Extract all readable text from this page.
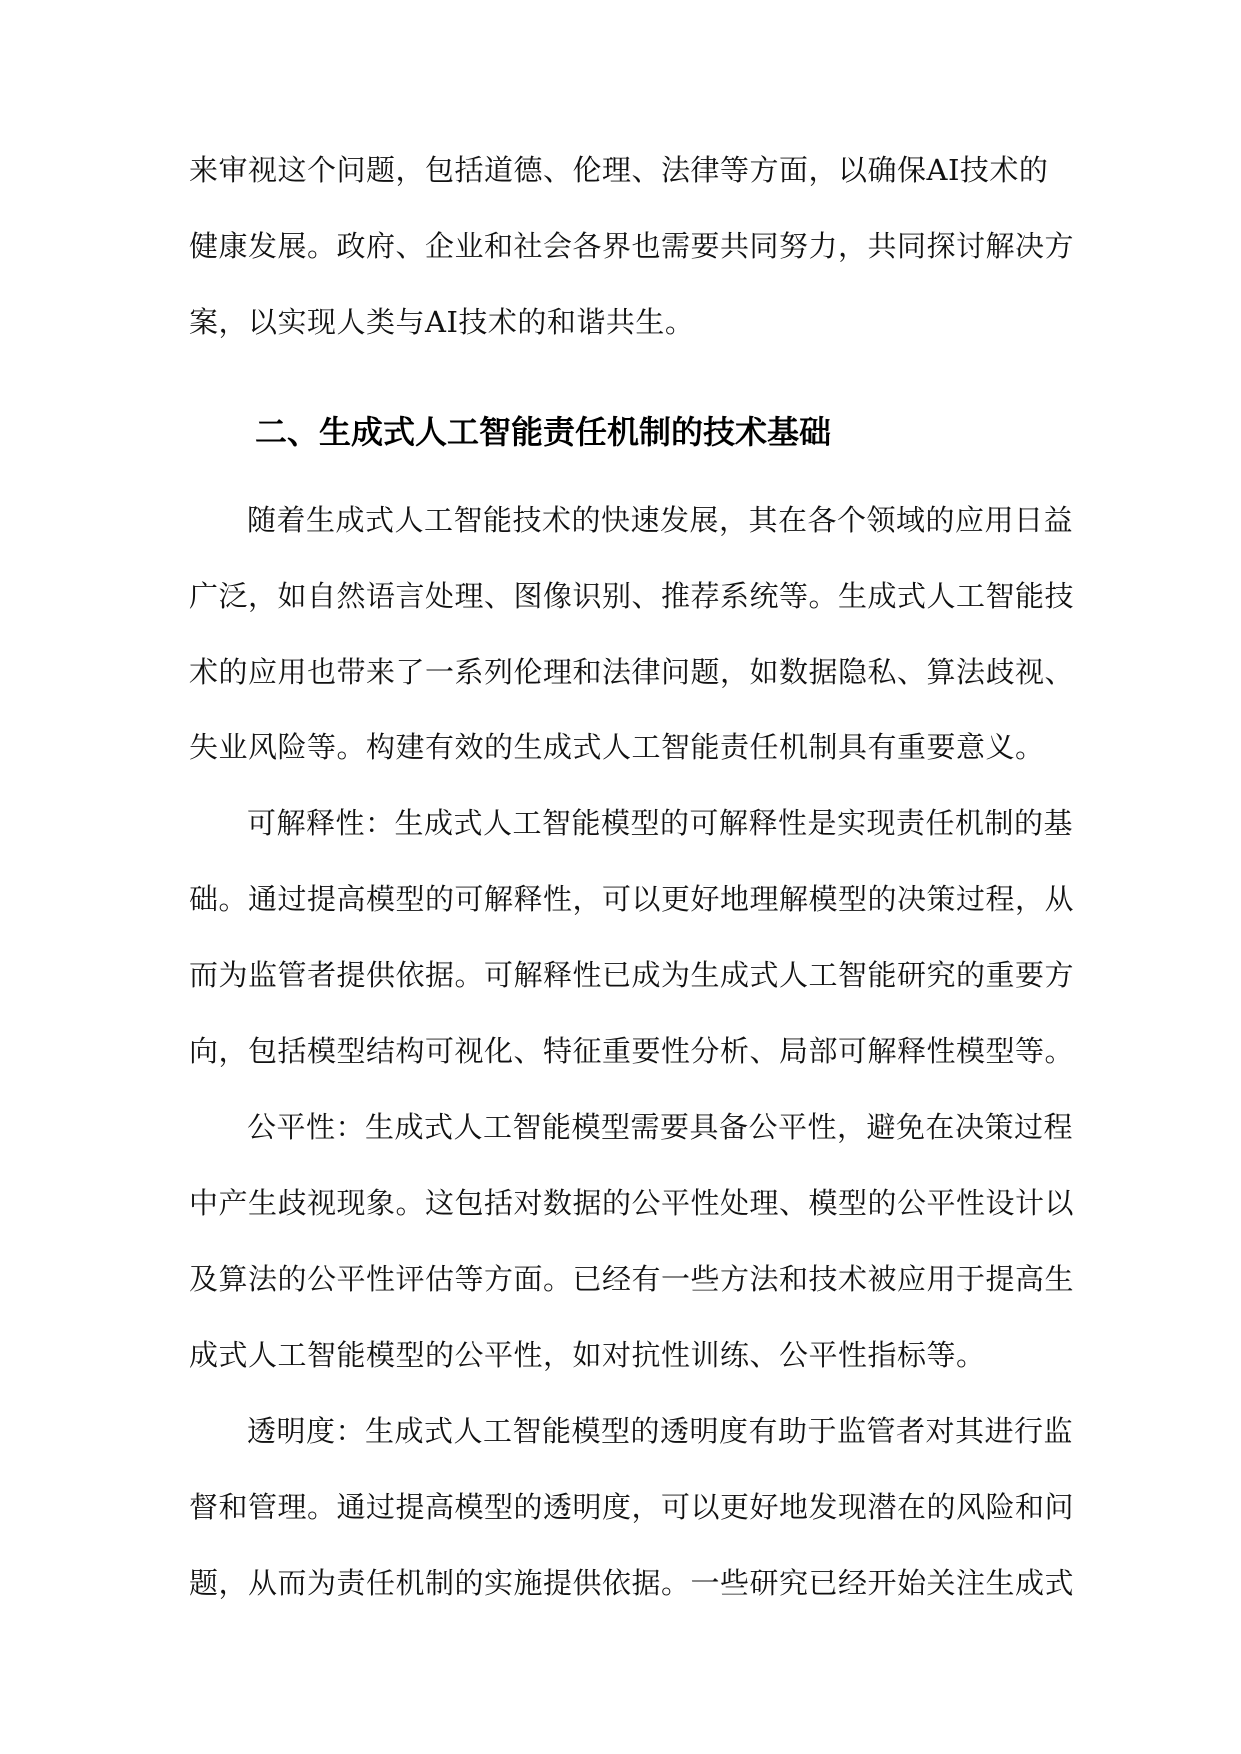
来审视这个问题，包括道德、伦理、法律等方面，以确保AI技术的
健康发展。政府、企业和社会各界也需要共同努力，共同探讨解决方
案，以实现人类与AI技术的和谐共生。
二、生成式人工智能责任机制的技术基础
随着生成式人工智能技术的快速发展，其在各个领域的应用日益
广泛，如自然语言处理、图像识别、推荐系统等。生成式人工智能技
术的应用也带来了一系列伦理和法律问题，如数据隐私、算法歧视、
失业风险等。构建有效的生成式人工智能责任机制具有重要意义。
可解释性：生成式人工智能模型的可解释性是实现责任机制的基
础。通过提高模型的可解释性，可以更好地理解模型的决策过程，从
而为监管者提供依据。可解释性已成为生成式人工智能研究的重要方
向，包括模型结构可视化、特征重要性分析、局部可解释性模型等。
公平性：生成式人工智能模型需要具备公平性，避免在决策过程
中产生歧视现象。这包括对数据的公平性处理、模型的公平性设计以
及算法的公平性评估等方面。已经有一些方法和技术被应用于提高生
成式人工智能模型的公平性，如对抗性训练、公平性指标等。
透明度：生成式人工智能模型的透明度有助于监管者对其进行监
督和管理。通过提高模型的透明度，可以更好地发现潜在的风险和问
题，从而为责任机制的实施提供依据。一些研究已经开始关注生成式
